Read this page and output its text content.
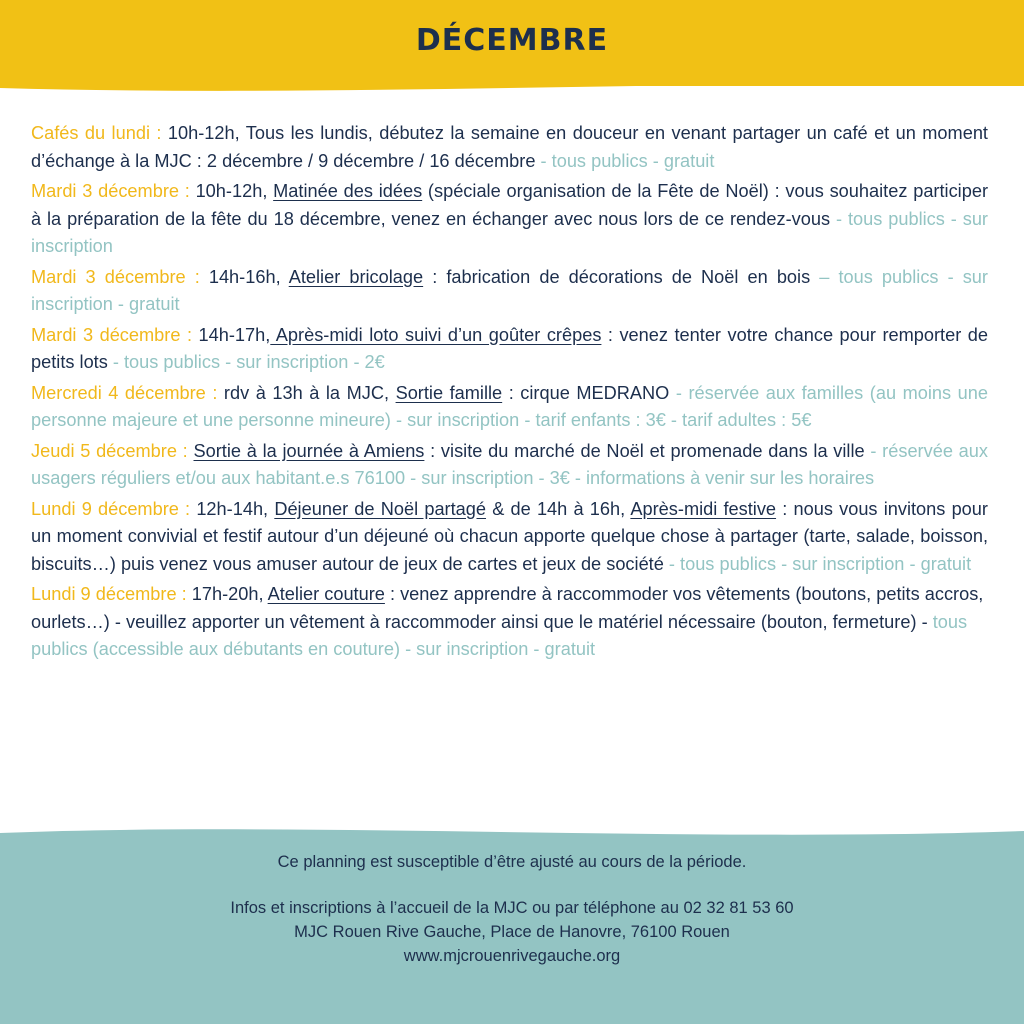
DÉCEMBRE

Cafés du lundi : 10h-12h, Tous les lundis, débutez la semaine en douceur en venant partager un café et un moment d’échange à la MJC : 2 décembre / 9 décembre / 16 décembre - tous publics - gratuit

Mardi 3 décembre : 10h-12h, Matinée des idées (spéciale organisation de la Fête de Noël) : vous souhaitez participer à la préparation de la fête du 18 décembre, venez en échanger avec nous lors de ce rendez-vous - tous publics - sur inscription

Mardi 3 décembre : 14h-16h, Atelier bricolage : fabrication de décorations de Noël en bois – tous publics - sur inscription - gratuit

Mardi 3 décembre : 14h-17h, Après-midi loto suivi d’un goûter crêpes : venez tenter votre chance pour remporter de petits lots - tous publics - sur inscription - 2€

Mercredi 4 décembre : rdv à 13h à la MJC, Sortie famille : cirque MEDRANO - réservée aux familles (au moins une personne majeure et une personne mineure) - sur inscription - tarif enfants : 3€ - tarif adultes : 5€

Jeudi 5 décembre : Sortie à la journée à Amiens : visite du marché de Noël et promenade dans la ville - réservée aux usagers réguliers et/ou aux habitant.e.s 76100 - sur inscription - 3€ - informations à venir sur les horaires

Lundi 9 décembre : 12h-14h, Déjeuner de Noël partagé & de 14h à 16h, Après-midi festive : nous vous invitons pour un moment convivial et festif autour d’un déjeuné où chacun apporte quelque chose à partager (tarte, salade, boisson, biscuits…) puis venez vous amuser autour de jeux de cartes et jeux de société - tous publics - sur inscription - gratuit

Lundi 9 décembre : 17h-20h, Atelier couture : venez apprendre à raccommoder vos vêtements (boutons, petits accros, ourlets…) - veuillez apporter un vêtement à raccommoder ainsi que le matériel nécessaire (bouton, fermeture) - tous publics (accessible aux débutants en couture) - sur inscription - gratuit

Ce planning est susceptible d’être ajusté au cours de la période.
Infos et inscriptions à l’accueil de la MJC ou par téléphone au 02 32 81 53 60
MJC Rouen Rive Gauche, Place de Hanovre, 76100 Rouen
www.mjcrouenrivegauche.org
